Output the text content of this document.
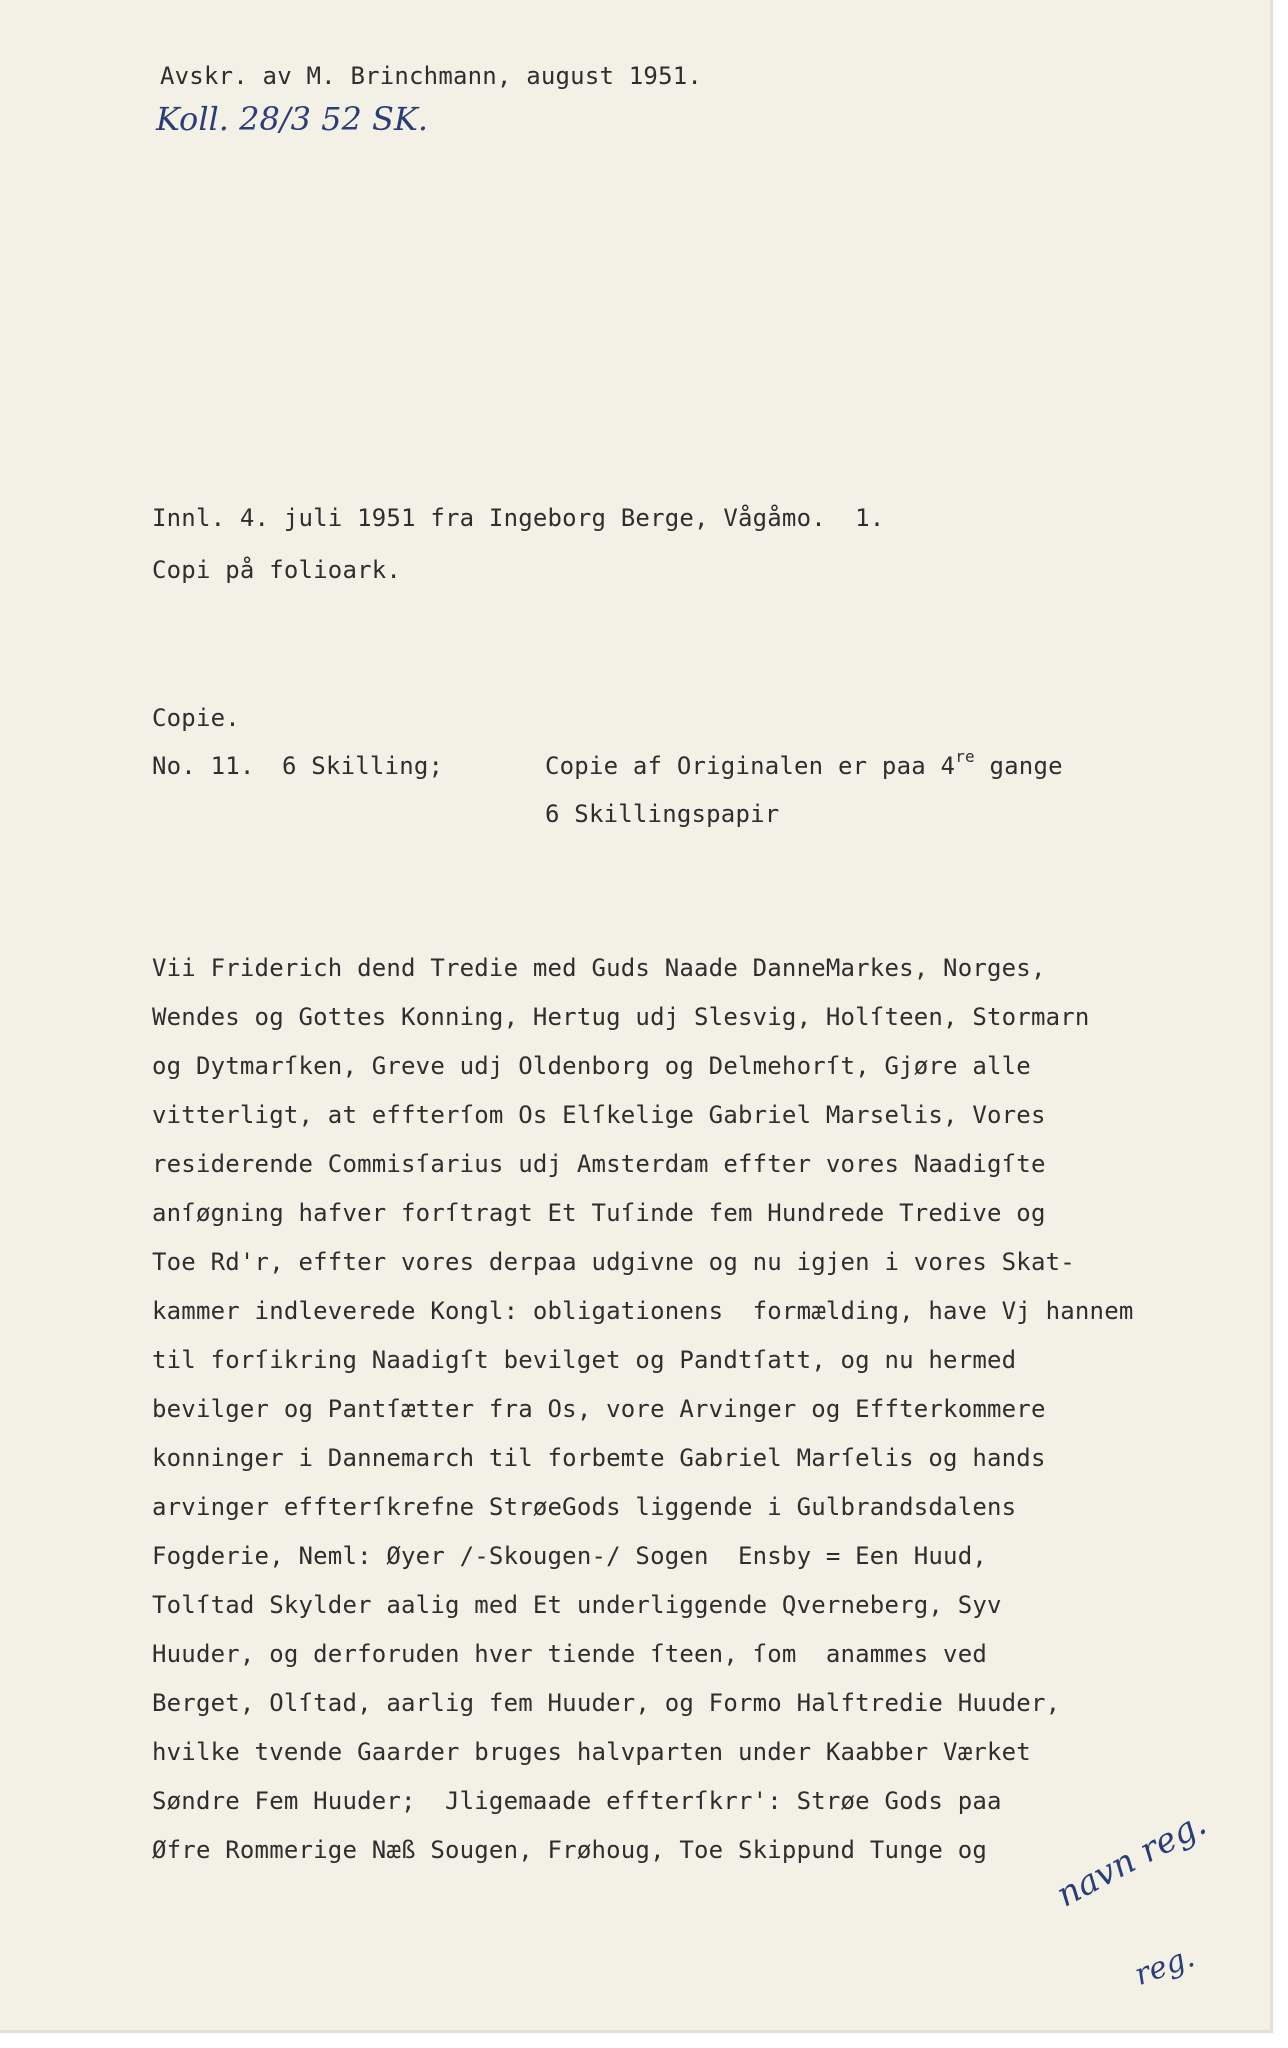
Avskr. av M. Brinchmann, august 1951.
Koll. 28/3 52 SK.
Innl. 4. juli 1951 fra Ingeborg Berge, Vågåmo.  1.
Copi på folioark.
Copie.
No. 11. 6 Skilling;	Copie af Originalen er paa 4re gange
6 Skillingspapir
Vii Friderich dend Tredie med Guds Naade DanneMarkes, Norges,
Wendes og Gottes Konning, Hertug udj Slesvig, Holſteen, Stormarn
og Dytmarſken, Greve udj Oldenborg og Delmehorſt, Gjøre alle
vitterligt, at effterſom Os Elſkelige Gabriel Marselis, Vores
residerende Commisſarius udj Amsterdam effter vores Naadigſte
anſøgning hafver forſtragt Et Tuſinde fem Hundrede Tredive og
Toe Rd'r, effter vores derpaa udgivne og nu igjen i vores Skat-
kammer indleverede Kongl: obligationens  formælding, have Vj hannem
til forſikring Naadigſt bevilget og Pandtſatt, og nu hermed
bevilger og Pantſætter fra Os, vore Arvinger og Effterkommere
konninger i Dannemarch til forbemte Gabriel Marſelis og hands
arvinger effterſkrefne StrøeGods liggende i Gulbrandsdalens
Fogderie, Neml: Øyer /-Skougen-/ Sogen  Ensby = Een Huud,
Tolſtad Skylder aalig med Et underliggende Qverneberg, Syv
Huuder, og derforuden hver tiende ſteen, ſom  anammes ved
Berget, Olſtad, aarlig fem Huuder, og Formo Halftredie Huuder,
hvilke tvende Gaarder bruges halvparten under Kaabber Værket
Søndre Fem Huuder;  Jligemaade effterſkrr': Strøe Gods paa
Øfre Rommerige Næß Sougen, Frøhoug, Toe Skippund Tunge og navn reg.
reg.
